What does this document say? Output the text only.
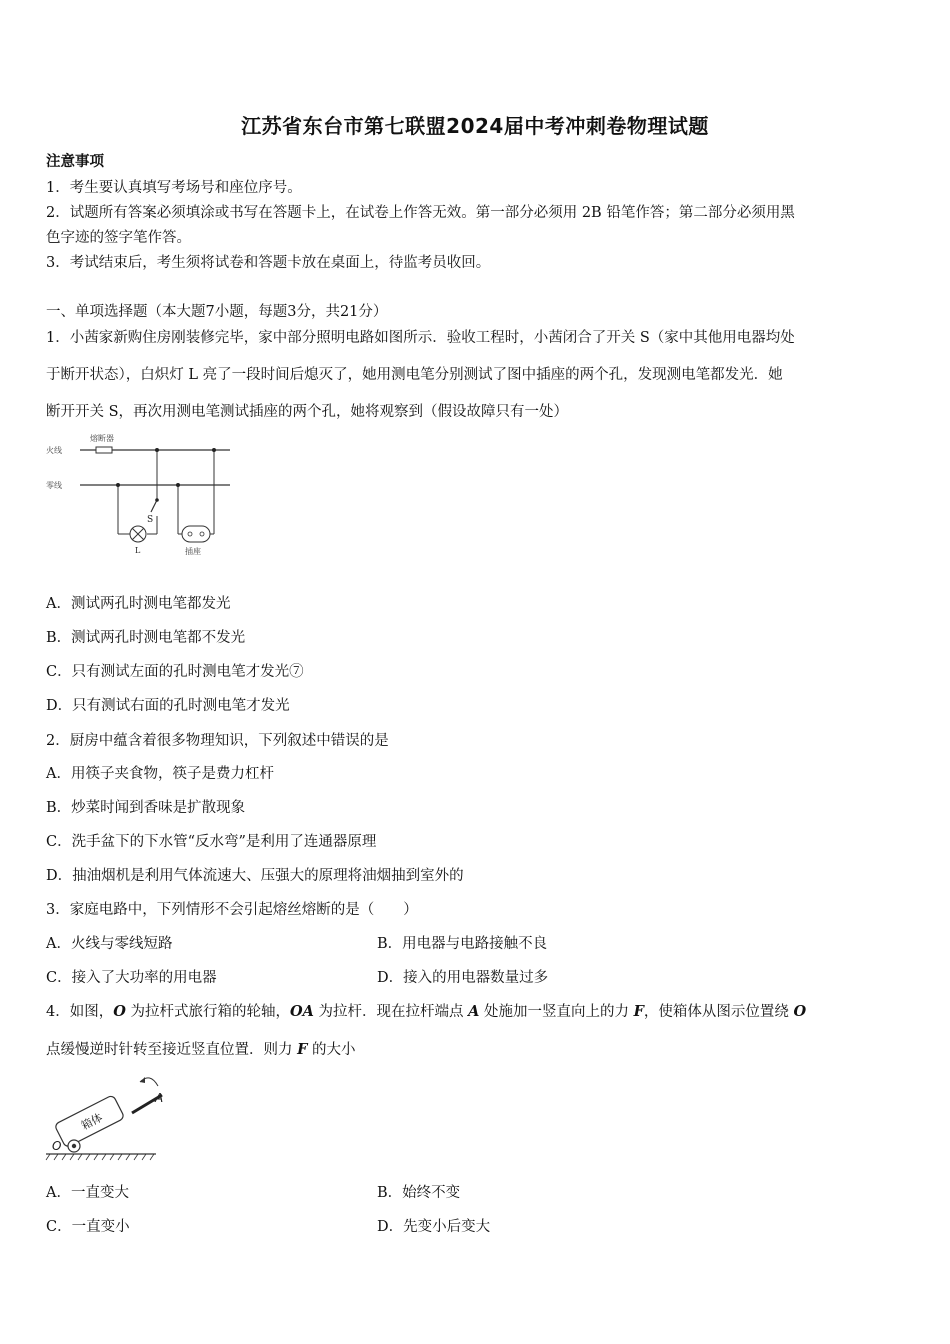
江苏省东台市第七联盟2024届中考冲刺卷物理试题
注意事项
1．考生要认真填写考场号和座位序号。
2．试题所有答案必须填涂或书写在答题卡上，在试卷上作答无效。第一部分必须用 2B 铅笔作答；第二部分必须用黑
色字迹的签字笔作答。
3．考试结束后，考生须将试卷和答题卡放在桌面上，待监考员收回。
一、单项选择题（本大题7小题，每题3分，共21分）
1．小茜家新购住房刚装修完毕，家中部分照明电路如图所示．验收工程时，小茜闭合了开关 S（家中其他用电器均处
于断开状态），白炽灯 L 亮了一段时间后熄灭了，她用测电笔分别测试了图中插座的两个孔，发现测电笔都发光．她
断开开关 S，再次用测电笔测试插座的两个孔，她将观察到（假设故障只有一处）
熔断器
火线
零线
S
L	插座
A．测试两孔时测电笔都发光
B．测试两孔时测电笔都不发光
C．只有测试左面的孔时测电笔才发光⑦
D．只有测试右面的孔时测电笔才发光
2．厨房中蕴含着很多物理知识，下列叙述中错误的是
A．用筷子夹食物，筷子是费力杠杆
B．炒菜时闻到香味是扩散现象
C．洗手盆下的下水管“反水弯”是利用了连通器原理
D．抽油烟机是利用气体流速大、压强大的原理将油烟抽到室外的
3．家庭电路中，下列情形不会引起熔丝熔断的是（　　）
A．火线与零线短路	B．用电器与电路接触不良
C．接入了大功率的用电器	D．接入的用电器数量过多
4．如图，O 为拉杆式旅行箱的轮轴，OA 为拉杆．现在拉杆端点 A 处施加一竖直向上的力 F，使箱体从图示位置绕 O
点缓慢逆时针转至接近竖直位置．则力 F 的大小
箱体
A
O
A．一直变大	B．始终不变
C．一直变小	D．先变小后变大
